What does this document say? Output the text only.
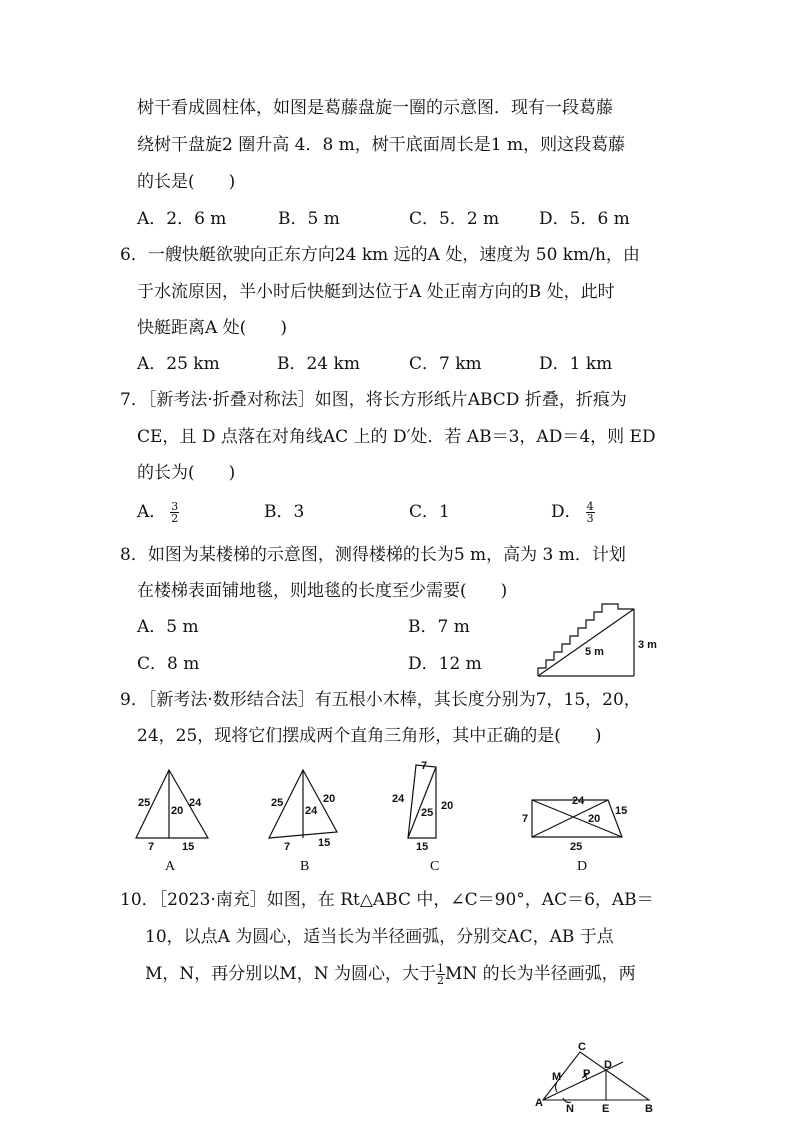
树干看成圆柱体，如图是葛藤盘旋一圈的示意图．现有一段葛藤
绕树干盘旋2 圈升高 4．8 m，树干底面周长是1 m，则这段葛藤
的长是(　　)
A．2．6 m	B．5 m	C．5．2 m D．5．6 m
6．一艘快艇欲驶向正东方向24 km 远的A 处，速度为 50 km/h，由
于水流原因，半小时后快艇到达位于A 处正南方向的B 处，此时
快艇距离A 处(　　)
A．25 km	B．24 km	C．7 km	D．1 km
7．［新考法·折叠对称法］如图，将长方形纸片ABCD 折叠，折痕为
CE，且 D 点落在对角线AC 上的 D′处．若 AB＝3，AD＝4，则 ED
的长为(　　)
A． $\frac{3}{2}$	B．3	C．1	D． $\frac{4}{3}$
8．如图为某楼梯的示意图，测得楼梯的长为5 m，高为 3 m．计划
在楼梯表面铺地毯，则地毯的长度至少需要(　　)
A．5 m	B．7 m
C．8 m	D．12 m
5 m
3 m
9．［新考法·数形结合法］有五根小木棒，其长度分别为7，15，20，
24，25，现将它们摆成两个直角三角形，其中正确的是(　　)
25
20
24
7	15
A
25
24
20
7	15
B
7
24
20
25
15
C
24
15
7	20
25
D
10．［2023·南充］如图，在 Rt△ABC 中，∠C＝90°，AC＝6，AB＝
10，以点A 为圆心，适当长为半径画弧，分别交AC，AB 于点
M，N，再分别以M，N 为圆心，大于 $\frac{1}{2}$ MN 的长为半径画弧，两
C
D
M P
A N	E	B
